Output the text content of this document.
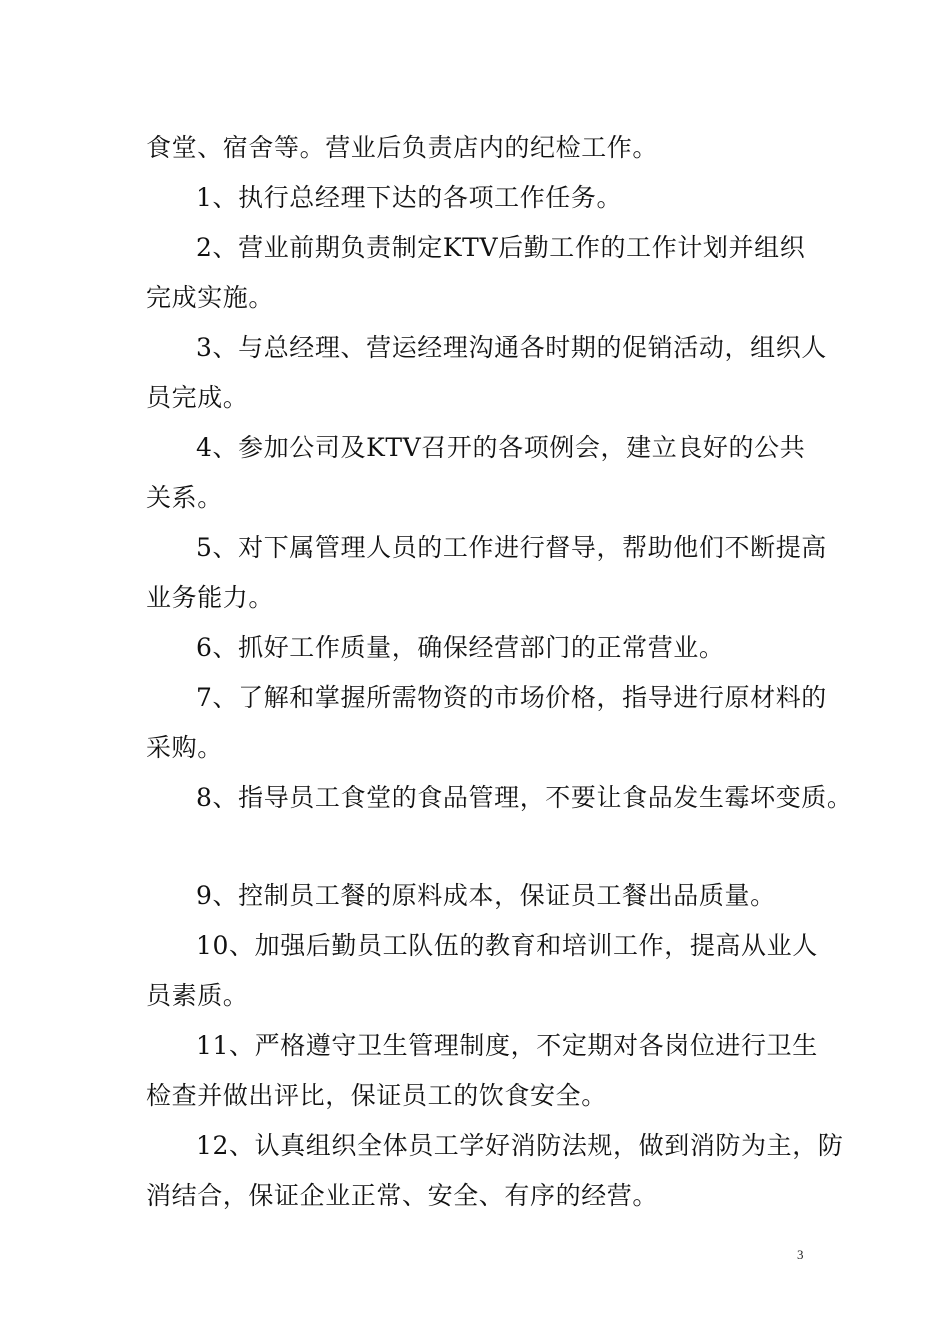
食堂、宿舍等。营业后负责店内的纪检工作。
1、执行总经理下达的各项工作任务。
2、营业前期负责制定KTV后勤工作的工作计划并组织
完成实施。
3、与总经理、营运经理沟通各时期的促销活动，组织人
员完成。
4、参加公司及KTV召开的各项例会，建立良好的公共
关系。
5、对下属管理人员的工作进行督导，帮助他们不断提高
业务能力。
6、抓好工作质量，确保经营部门的正常营业。
7、了解和掌握所需物资的市场价格，指导进行原材料的
采购。
8、指导员工食堂的食品管理，不要让食品发生霉坏变质。
9、控制员工餐的原料成本，保证员工餐出品质量。
10、加强后勤员工队伍的教育和培训工作，提高从业人
员素质。
11、严格遵守卫生管理制度，不定期对各岗位进行卫生
检查并做出评比，保证员工的饮食安全。
12、认真组织全体员工学好消防法规，做到消防为主，防
消结合，保证企业正常、安全、有序的经营。
3
